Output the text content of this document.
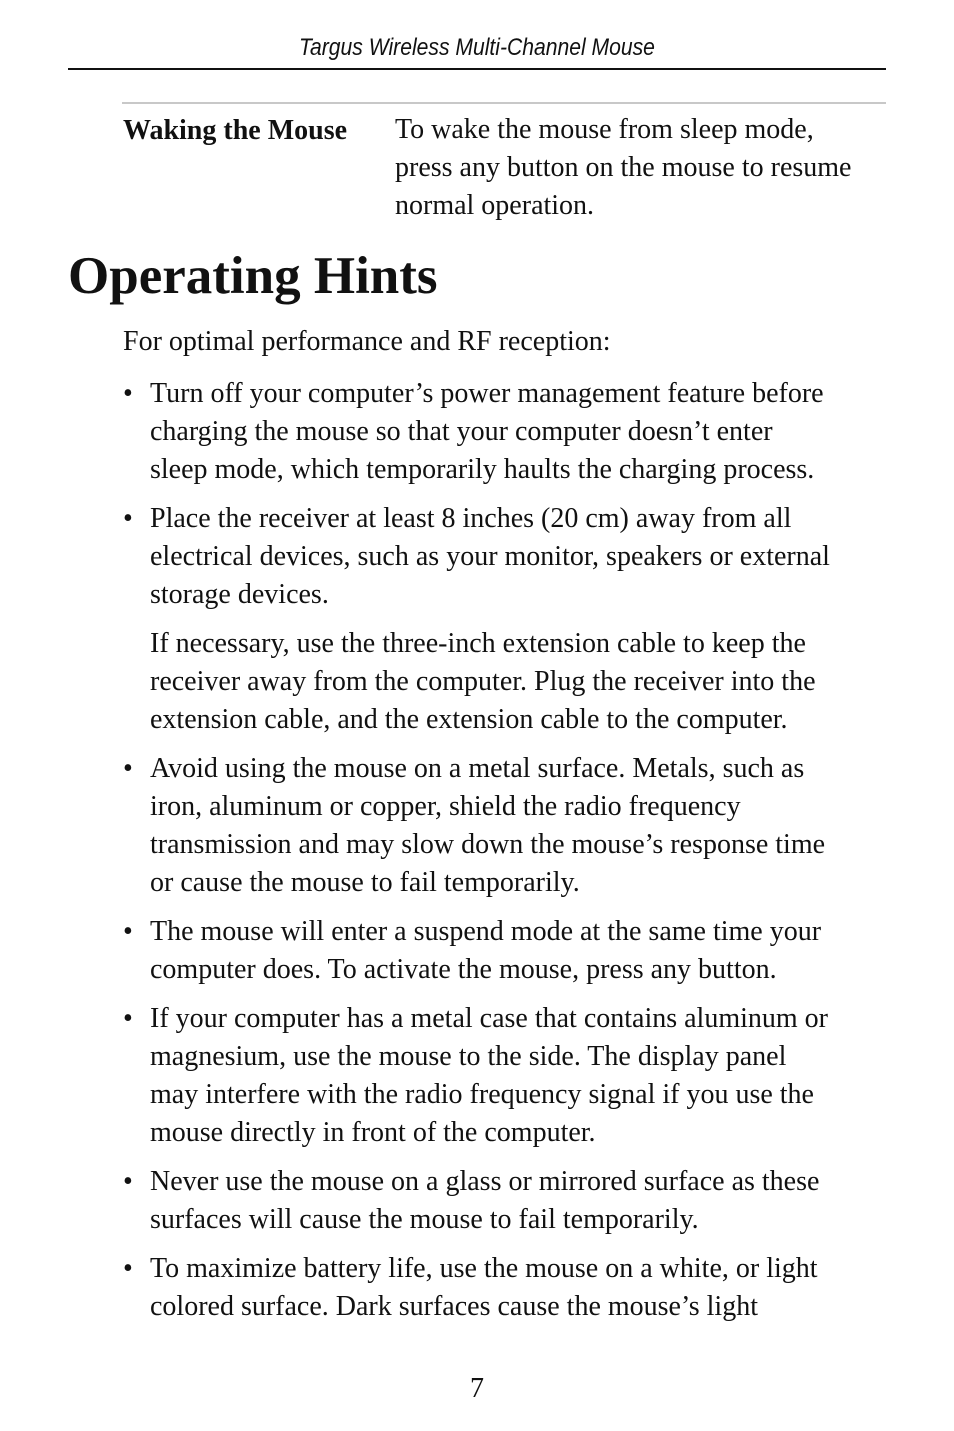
Targus Wireless Multi-Channel Mouse
Waking the Mouse To wake the mouse from sleep mode,
press any button on the mouse to resume
normal operation.
Operating Hints
For optimal performance and RF reception:
• Turn off your computer’s power management feature before
charging the mouse so that your computer doesn’t enter
sleep mode, which temporarily haults the charging process.
• Place the receiver at least 8 inches (20 cm) away from all
electrical devices, such as your monitor, speakers or external
storage devices.
If necessary, use the three-inch extension cable to keep the
receiver away from the computer. Plug the receiver into the
extension cable, and the extension cable to the computer.
• Avoid using the mouse on a metal surface. Metals, such as
iron, aluminum or copper, shield the radio frequency
transmission and may slow down the mouse’s response time
or cause the mouse to fail temporarily.
• The mouse will enter a suspend mode at the same time your
computer does. To activate the mouse, press any button.
• If your computer has a metal case that contains aluminum or
magnesium, use the mouse to the side. The display panel
may interfere with the radio frequency signal if you use the
mouse directly in front of the computer.
• Never use the mouse on a glass or mirrored surface as these
surfaces will cause the mouse to fail temporarily.
• To maximize battery life, use the mouse on a white, or light
colored surface. Dark surfaces cause the mouse’s light
7
